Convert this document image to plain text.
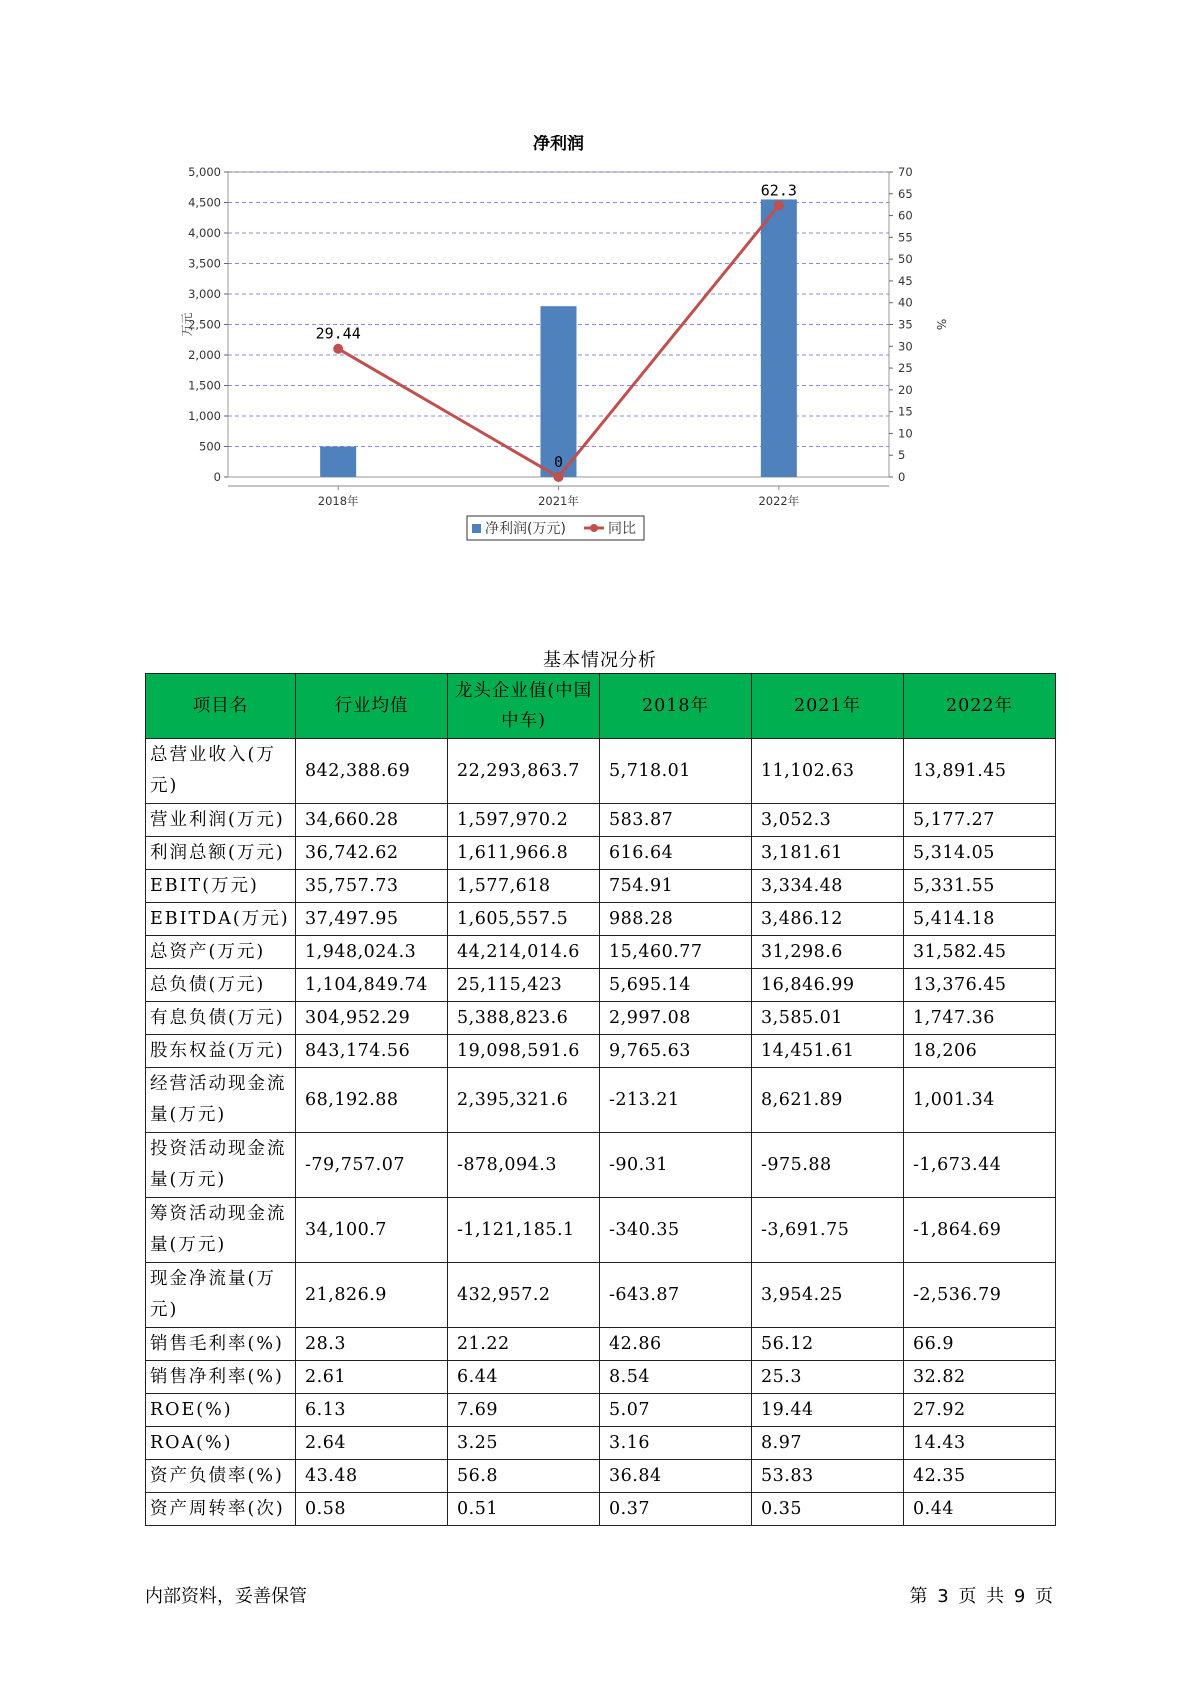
净利润
0
500
1,000
1,500
2,000
2,500
3,000
3,500
4,000
4,500
5,000
0
5
10
15
20
25
30
35
40
45
50
55
60
65
70
万元	%
2018年	2021年	2022年
29.44
0
62.3
净利润(万元)	同比
基本情况分析
项目名	行业均值	龙头企业值(中国中车)	2018年	2021年	2022年
总营业收入(万元)	842,388.69	22,293,863.7	5,718.01	11,102.63	13,891.45
营业利润(万元)	34,660.28	1,597,970.2	583.87	3,052.3	5,177.27
利润总额(万元)	36,742.62	1,611,966.8	616.64	3,181.61	5,314.05
EBIT(万元)	35,757.73	1,577,618	754.91	3,334.48	5,331.55
EBITDA(万元)	37,497.95	1,605,557.5	988.28	3,486.12	5,414.18
总资产(万元)	1,948,024.3	44,214,014.6	15,460.77	31,298.6	31,582.45
总负债(万元)	1,104,849.74	25,115,423	5,695.14	16,846.99	13,376.45
有息负债(万元)	304,952.29	5,388,823.6	2,997.08	3,585.01	1,747.36
股东权益(万元)	843,174.56	19,098,591.6	9,765.63	14,451.61	18,206
经营活动现金流量(万元)	68,192.88	2,395,321.6	-213.21	8,621.89	1,001.34
投资活动现金流量(万元)	-79,757.07	-878,094.3	-90.31	-975.88	-1,673.44
筹资活动现金流量(万元)	34,100.7	-1,121,185.1	-340.35	-3,691.75	-1,864.69
现金净流量(万元)	21,826.9	432,957.2	-643.87	3,954.25	-2,536.79
销售毛利率(%)	28.3	21.22	42.86	56.12	66.9
销售净利率(%)	2.61	6.44	8.54	25.3	32.82
ROE(%)	6.13	7.69	5.07	19.44	27.92
ROA(%)	2.64	3.25	3.16	8.97	14.43
资产负债率(%)	43.48	56.8	36.84	53.83	42.35
资产周转率(次)	0.58	0.51	0.37	0.35	0.44
内部资料，妥善保管	第 3 页 共 9 页
